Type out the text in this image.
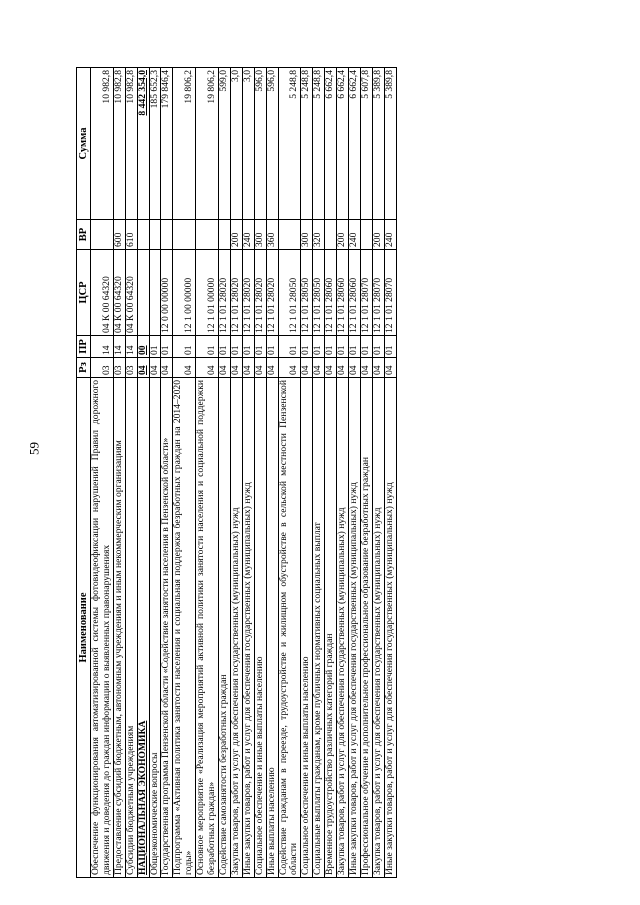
59
Наименование	Рз	ПР	ЦСР	ВР	Сумма
Обеспечение функционирования автоматизированной системы фотовидеофиксации нарушений Правил дорожного движения и доведения до граждан информации о выявленных правонарушениях	03	14	04 К 00 64320		10 982,8
Предоставление субсидий бюджетным, автономным учреждениям и иным некоммерческим организациям	03	14	04 К 00 64320	600	10 982,8
Субсидии бюджетным учреждениям	03	14	04 К 00 64320	610	10 982,8
НАЦИОНАЛЬНАЯ ЭКОНОМИКА	04	00			8 442 354,0
Общеэкономические вопросы	04	01			185 652,3
Государственная программа Пензенской области «Содействие занятости населения в Пензенской области»	04	01	12 0 00 00000		179 846,4
Подпрограмма «Активная политика занятости населения и социальная поддержка безработных граждан на 2014–2020 годы»	04	01	12 1 00 00000		19 806,2
Основное мероприятие «Реализация мероприятий активной политики занятости населения и социальной поддержки безработных граждан»	04	01	12 1 01 00000		19 806,2
Содействие самозанятости безработных граждан	04	01	12 1 01 28020		599,0
Закупка товаров, работ и услуг для обеспечения государственных (муниципальных) нужд	04	01	12 1 01 28020	200	3,0
Иные закупки товаров, работ и услуг для обеспечения государственных (муниципальных) нужд	04	01	12 1 01 28020	240	3,0
Социальное обеспечение и иные выплаты населению	04	01	12 1 01 28020	300	596,0
Иные выплаты населению	04	01	12 1 01 28020	360	596,0
Содействие гражданам в переезде, трудоустройстве и жилищном обустройстве в сельской местности Пензенской области	04	01	12 1 01 28050		5 248,8
Социальное обеспечение и иные выплаты населению	04	01	12 1 01 28050	300	5 248,8
Социальные выплаты гражданам, кроме публичных нормативных социальных выплат	04	01	12 1 01 28050	320	5 248,8
Временное трудоустройство различных категорий граждан	04	01	12 1 01 28060		6 662,4
Закупка товаров, работ и услуг для обеспечения государственных (муниципальных) нужд	04	01	12 1 01 28060	200	6 662,4
Иные закупки товаров, работ и услуг для обеспечения государственных (муниципальных) нужд	04	01	12 1 01 28060	240	6 662,4
Профессиональное обучение и дополнительное профессиональное образование безработных граждан	04	01	12 1 01 28070		5 607,8
Закупка товаров, работ и услуг для обеспечения государственных (муниципальных) нужд	04	01	12 1 01 28070	200	5 389,8
Иные закупки товаров, работ и услуг для обеспечения государственных (муниципальных) нужд	04	01	12 1 01 28070	240	5 389,8
